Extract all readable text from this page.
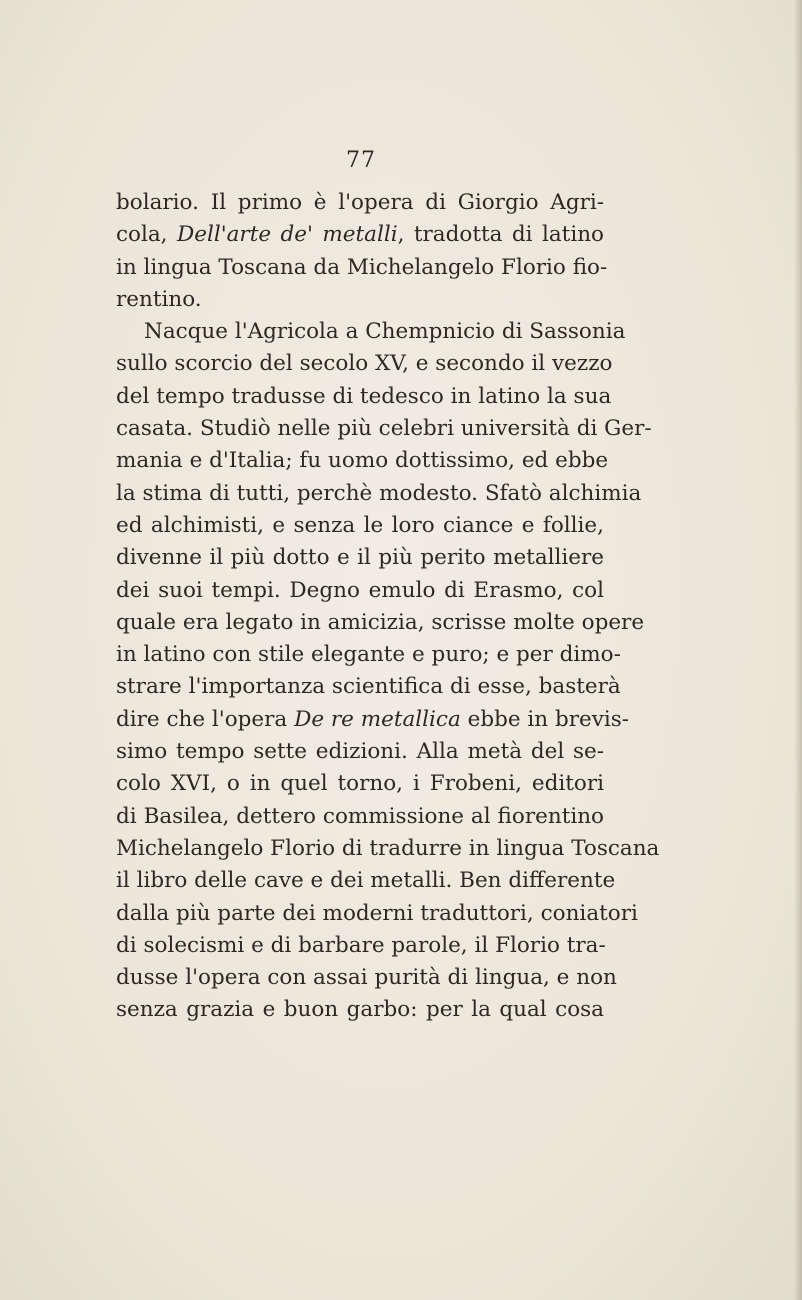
77
bolario. Il primo è l'opera di Giorgio Agri-
cola, Dell'arte de' metalli, tradotta di latino
in lingua Toscana da Michelangelo Florio fio-
rentino.
Nacque l'Agricola a Chempnicio di Sassonia
sullo scorcio del secolo XV, e secondo il vezzo
del tempo tradusse di tedesco in latino la sua
casata. Studiò nelle più celebri università di Ger-
mania e d'Italia; fu uomo dottissimo, ed ebbe
la stima di tutti, perchè modesto. Sfatò alchimia
ed alchimisti, e senza le loro ciance e follie,
divenne il più dotto e il più perito metalliere
dei suoi tempi. Degno emulo di Erasmo, col
quale era legato in amicizia, scrisse molte opere
in latino con stile elegante e puro; e per dimo-
strare l'importanza scientifica di esse, basterà
dire che l'opera De re metallica ebbe in brevis-
simo tempo sette edizioni. Alla metà del se-
colo XVI, o in quel torno, i Frobeni, editori
di Basilea, dettero commissione al fiorentino
Michelangelo Florio di tradurre in lingua Toscana
il libro delle cave e dei metalli. Ben differente
dalla più parte dei moderni traduttori, coniatori
di solecismi e di barbare parole, il Florio tra-
dusse l'opera con assai purità di lingua, e non
senza grazia e buon garbo: per la qual cosa
